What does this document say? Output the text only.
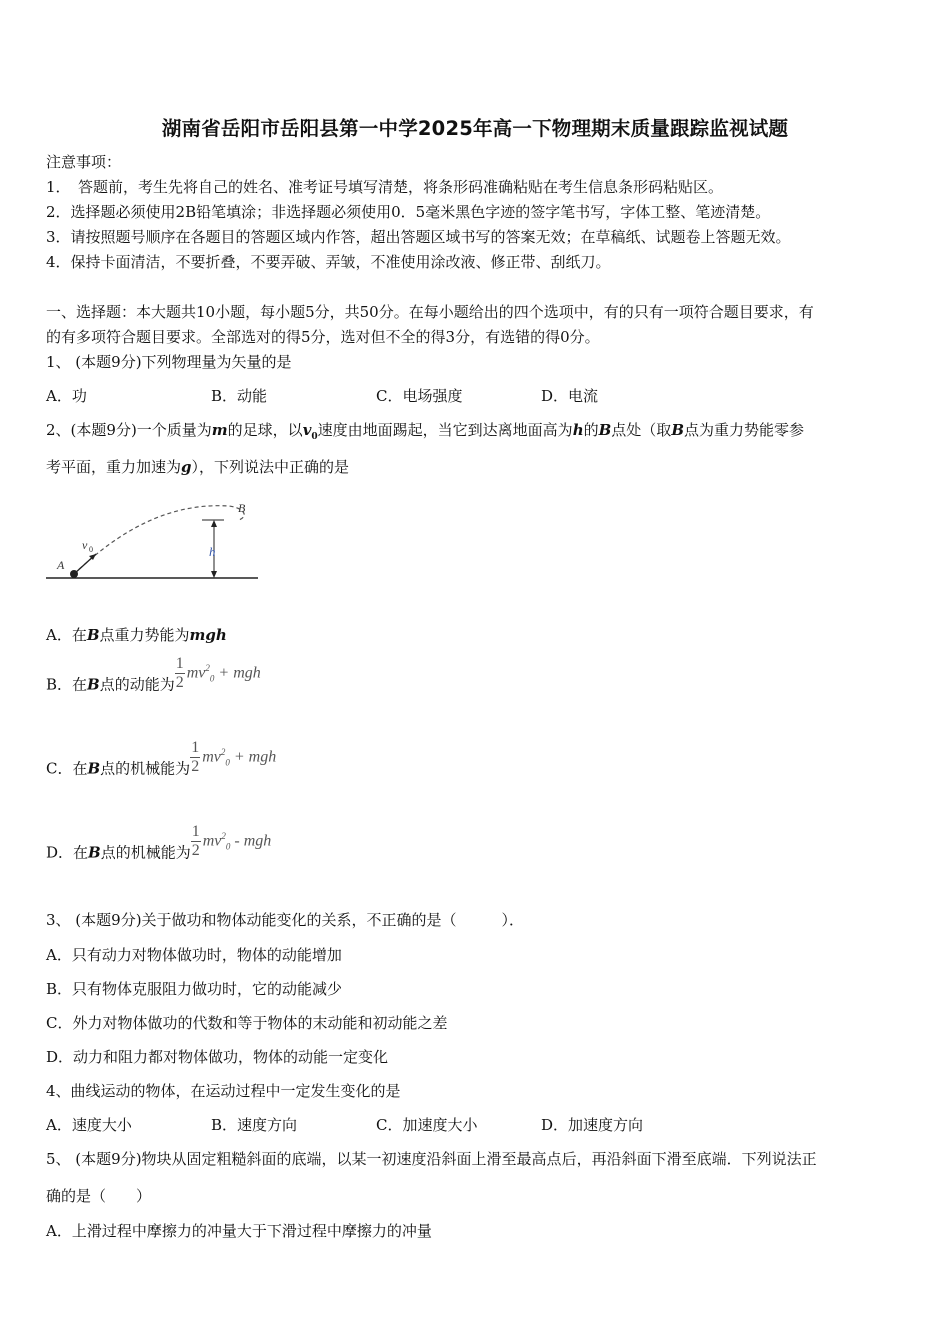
湖南省岳阳市岳阳县第一中学2025年高一下物理期末质量跟踪监视试题
注意事项：
1．　答题前，考生先将自己的姓名、准考证号填写清楚，将条形码准确粘贴在考生信息条形码粘贴区。
2．选择题必须使用2B铅笔填涂；非选择题必须使用0．5毫米黑色字迹的签字笔书写，字体工整、笔迹清楚。
3．请按照题号顺序在各题目的答题区域内作答，超出答题区域书写的答案无效；在草稿纸、试题卷上答题无效。
4．保持卡面清洁，不要折叠，不要弄破、弄皱，不准使用涂改液、修正带、刮纸刀。
一、选择题：本大题共10小题，每小题5分，共50分。在每小题给出的四个选项中，有的只有一项符合题目要求，有
的有多项符合题目要求。全部选对的得5分，选对但不全的得3分，有选错的得0分。
1、 (本题9分)下列物理量为矢量的是
A．功	B．动能	C．电场强度	D．电流
2、(本题9分)一个质量为m的足球，以$v_0$速度由地面踢起，当它到达离地面高为h的B点处（取B点为重力势能零参
考平面，重力加速为g），下列说法中正确的是
A
B
v 0	h
A．在B点重力势能为mgh
B．在B点的动能为 $\frac{1}{2} mv^2_0$ + mgh
C．在B点的机械能为 $\frac{1}{2} mv^2_0$ + mgh
D．在B点的机械能为 $\frac{1}{2} mv^2_0$ - mgh
3、 (本题9分)关于做功和物体动能变化的关系，不正确的是（　　　）．
A．只有动力对物体做功时，物体的动能增加
B．只有物体克服阻力做功时，它的动能减少
C．外力对物体做功的代数和等于物体的末动能和初动能之差
D．动力和阻力都对物体做功，物体的动能一定变化
4、曲线运动的物体，在运动过程中一定发生变化的是
A．速度大小	B．速度方向	C．加速度大小	D．加速度方向
5、 (本题9分)物块从固定粗糙斜面的底端，以某一初速度沿斜面上滑至最高点后，再沿斜面下滑至底端．下列说法正
确的是（　　）
A．上滑过程中摩擦力的冲量大于下滑过程中摩擦力的冲量
